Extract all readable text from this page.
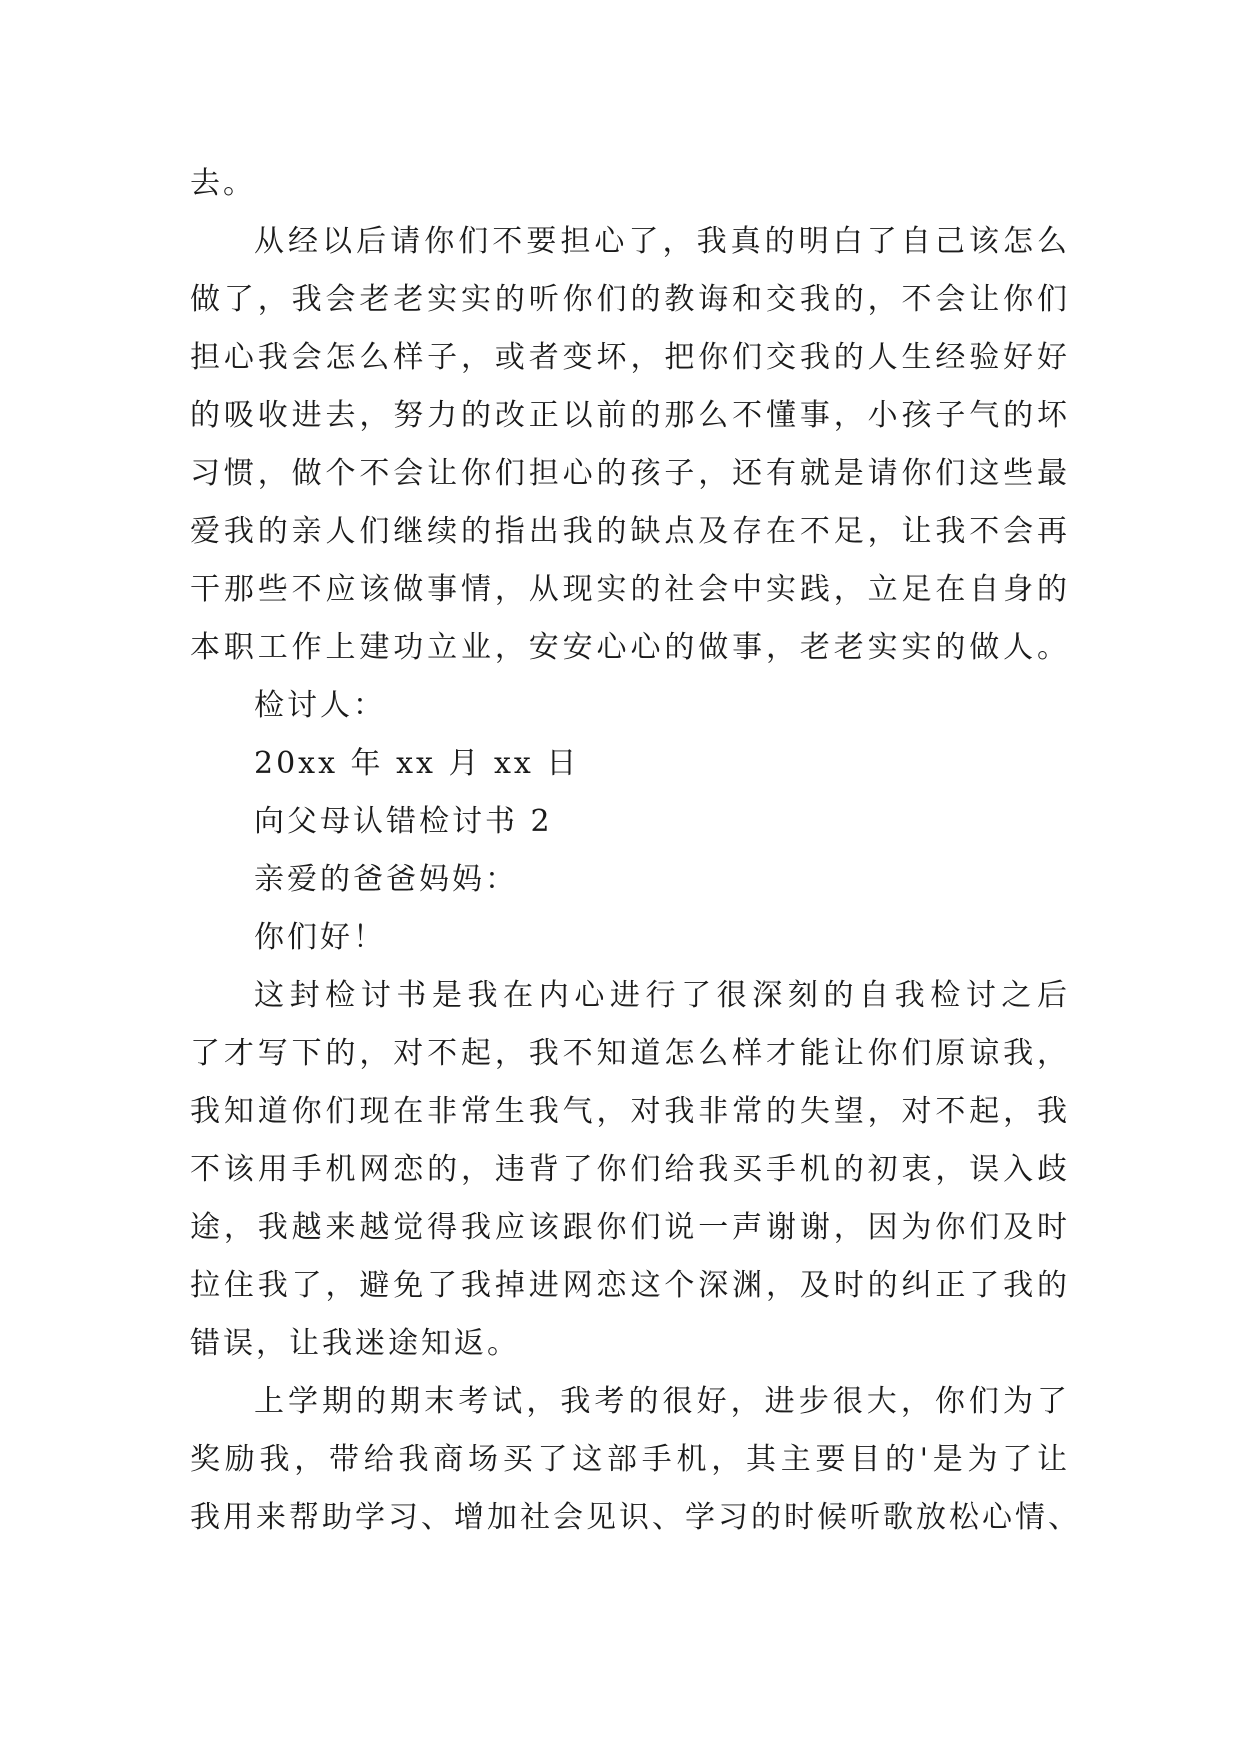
去。
从经以后请你们不要担心了，我真的明白了自己该怎么
做了，我会老老实实的听你们的教诲和交我的，不会让你们
担心我会怎么样子，或者变坏，把你们交我的人生经验好好
的吸收进去，努力的改正以前的那么不懂事，小孩子气的坏
习惯，做个不会让你们担心的孩子，还有就是请你们这些最
爱我的亲人们继续的指出我的缺点及存在不足，让我不会再
干那些不应该做事情，从现实的社会中实践，立足在自身的
本职工作上建功立业，安安心心的做事，老老实实的做人。
检讨人：
20xx 年 xx 月 xx 日
向父母认错检讨书 2
亲爱的爸爸妈妈：
你们好！
这封检讨书是我在内心进行了很深刻的自我检讨之后
了才写下的，对不起，我不知道怎么样才能让你们原谅我，
我知道你们现在非常生我气，对我非常的失望，对不起，我
不该用手机网恋的，违背了你们给我买手机的初衷，误入歧
途，我越来越觉得我应该跟你们说一声谢谢，因为你们及时
拉住我了，避免了我掉进网恋这个深渊，及时的纠正了我的
错误，让我迷途知返。
上学期的期末考试，我考的很好，进步很大，你们为了
奖励我，带给我商场买了这部手机，其主要目的'是为了让
我用来帮助学习、增加社会见识、学习的时候听歌放松心情、
